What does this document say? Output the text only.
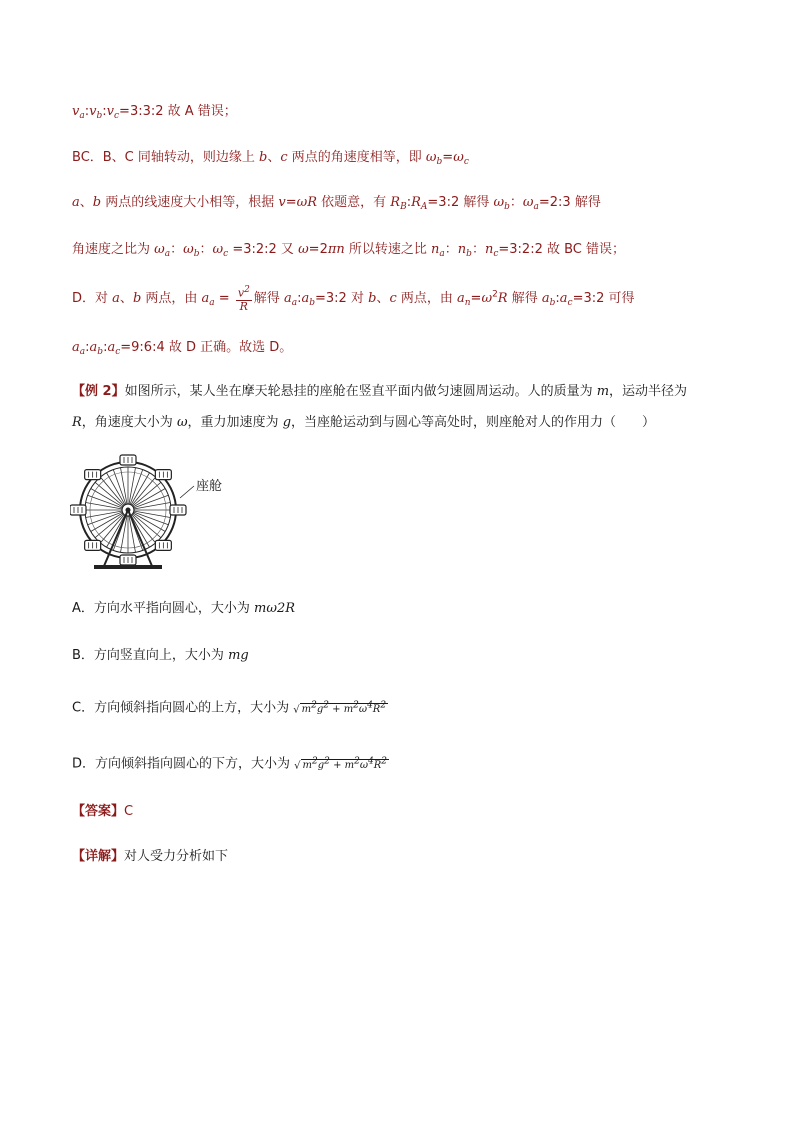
$v_a:v_b:v_c=3:3:2$ 故 A 错误；
BC．B、C 同轴转动，则边缘上 b、c 两点的角速度相等，即 $\omega_b=\omega_c$
a、b 两点的线速度大小相等，根据 v=ωR 依题意，有 $R_B:R_A=3:2$ 解得 $\omega_b$：$\omega_a=2:3$ 解得
角速度之比为 $\omega_a$：$\omega_b$：$\omega_c$ =3:2:2 又 ω=2πn 所以转速之比 $n_a$：$n_b$：$n_c=3:2:2$ 故 BC 错误；
D．对 a、b 两点，由 $a_a = \frac{v^2}{R}$ 解得 $a_a:a_b=3:2$ 对 b、c 两点，由 $a_n=\omega^2R$ 解得 $a_b:a_c=3:2$ 可得
$a_a:a_b:a_c=9:6:4$ 故 D 正确。故选 D。
【例 2】如图所示，某人坐在摩天轮悬挂的座舱在竖直平面内做匀速圆周运动。人的质量为 m，运动半径为
R，角速度大小为 ω，重力加速度为 g，当座舱运动到与圆心等高处时，则座舱对人的作用力（　　）
座舱
A．方向水平指向圆心，大小为 mω2R
B．方向竖直向上，大小为 mg
C．方向倾斜指向圆心的上方，大小为 √ $m^2g^2 + m^2\omega^4R^2$
D．方向倾斜指向圆心的下方，大小为 √ $m^2g^2 + m^2\omega^4R^2$
【答案】C
【详解】对人受力分析如下
